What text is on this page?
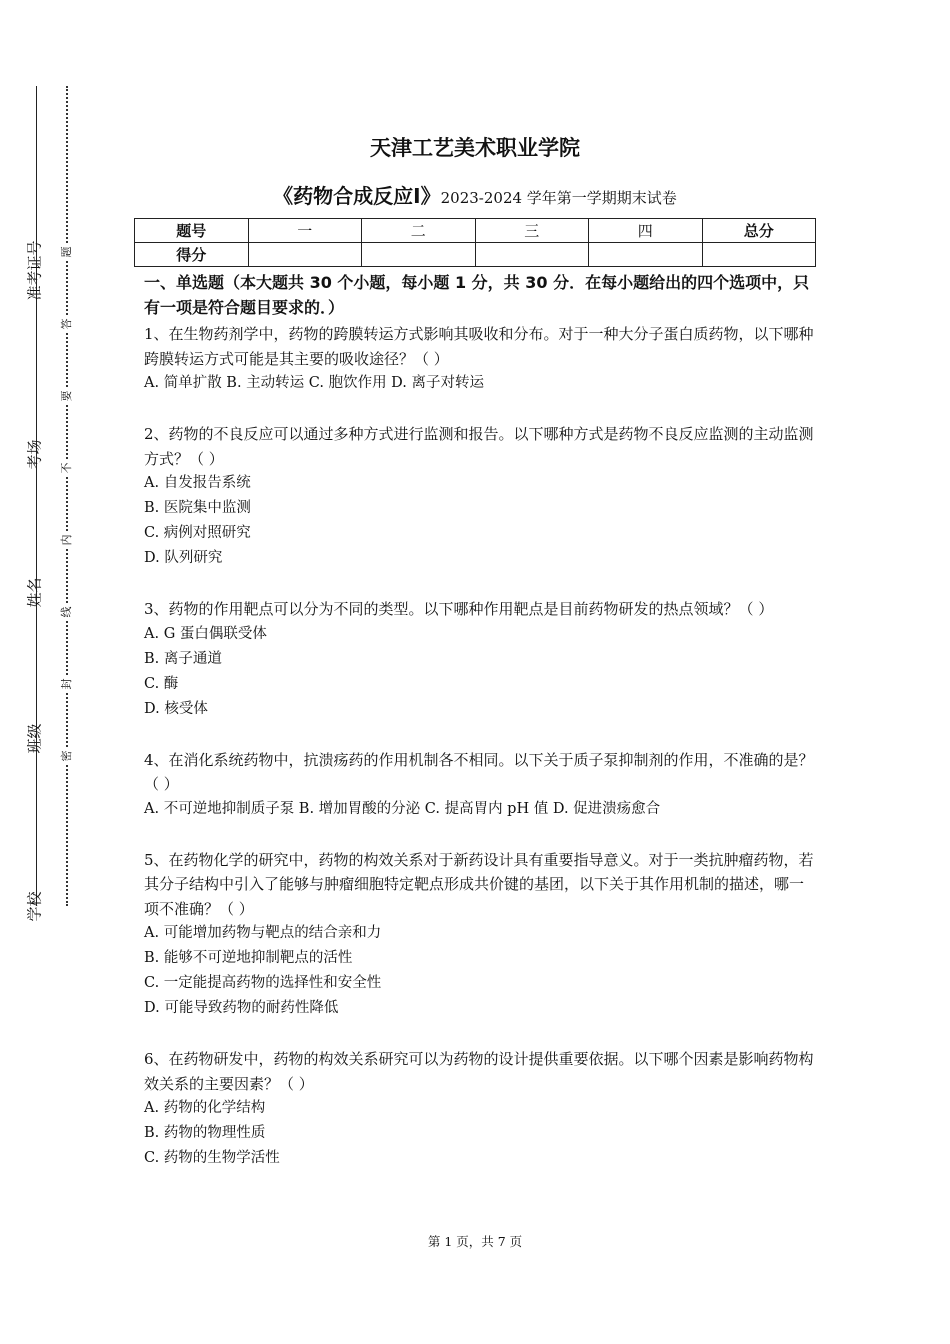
准考证号
考场
姓名
班级
学校
题
答
要
不
内
线
封
密
天津工艺美术职业学院
《药物合成反应Ⅰ》2023-2024 学年第一学期期末试卷
题号	一	二	三	四	总分
得分					
一、单选题（本大题共 30 个小题，每小题 1 分，共 30 分．在每小题给出的四个选项中，只有一项是符合题目要求的．）
1、在生物药剂学中，药物的跨膜转运方式影响其吸收和分布。对于一种大分子蛋白质药物，以下哪种跨膜转运方式可能是其主要的吸收途径？（ ）
A. 简单扩散 B. 主动转运 C. 胞饮作用 D. 离子对转运
2、药物的不良反应可以通过多种方式进行监测和报告。以下哪种方式是药物不良反应监测的主动监测方式？（ ）
A. 自发报告系统
B. 医院集中监测
C. 病例对照研究
D. 队列研究
3、药物的作用靶点可以分为不同的类型。以下哪种作用靶点是目前药物研发的热点领域？（ ）
A. G 蛋白偶联受体
B. 离子通道
C. 酶
D. 核受体
4、在消化系统药物中，抗溃疡药的作用机制各不相同。以下关于质子泵抑制剂的作用，不准确的是？（ ）
A. 不可逆地抑制质子泵 B. 增加胃酸的分泌 C. 提高胃内 pH 值 D. 促进溃疡愈合
5、在药物化学的研究中，药物的构效关系对于新药设计具有重要指导意义。对于一类抗肿瘤药物，若其分子结构中引入了能够与肿瘤细胞特定靶点形成共价键的基团，以下关于其作用机制的描述，哪一项不准确？（ ）
A. 可能增加药物与靶点的结合亲和力
B. 能够不可逆地抑制靶点的活性
C. 一定能提高药物的选择性和安全性
D. 可能导致药物的耐药性降低
6、在药物研发中，药物的构效关系研究可以为药物的设计提供重要依据。以下哪个因素是影响药物构效关系的主要因素？（ ）
A. 药物的化学结构
B. 药物的物理性质
C. 药物的生物学活性
第 1 页，共 7 页
